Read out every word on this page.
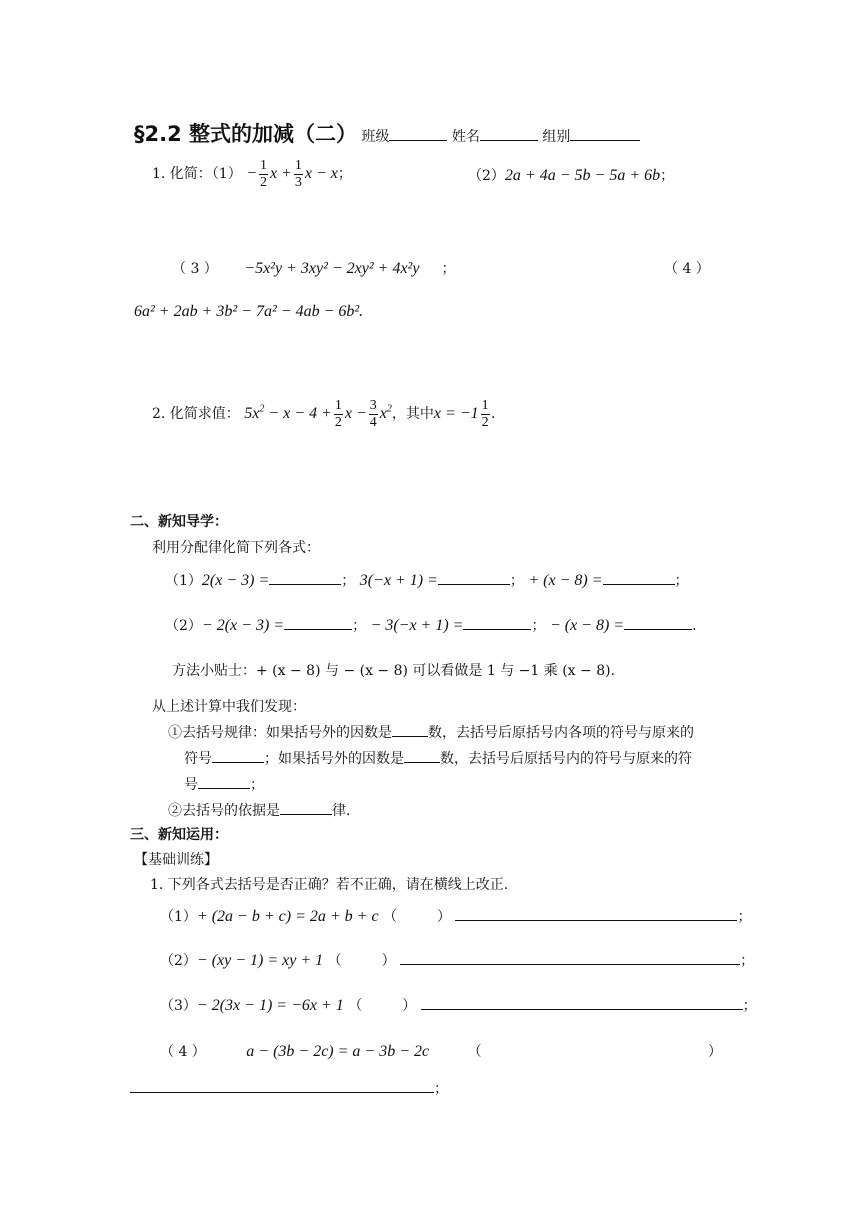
§2.2 整式的加减（二） 班级	姓名	组别
1. 化简：$(1) - \frac{1}{2}$ $x + \frac{1}{3}$ x − x；	（2）2a + 4a − 5b − 5a + 6b；
（ 3 ） −5x²y + 3xy² − 2xy² + 4x²y ；	（ 4 ）
6a² + 2ab + 3b² − 7a² − 4ab − 6b².
2. 化简求值： $5x^2 - x - 4 + \frac{1}{2}$ $x - \frac{3}{4} x^2$，其中$x = -1 \frac{1}{2}$ .
二、新知导学：
利用分配律化简下列各式：
（1）2(x − 3) =	； 3(−x + 1) =	； + (x − 8) =	；
（2）− 2(x − 3) =	； − 3(−x + 1) =	； − (x − 8) =	.
方法小贴士：+ (x − 8) 与 − (x − 8) 可以看做是 1 与 −1 乘 (x − 8).
从上述计算中我们发现：
①去括号规律：如果括号外的因数是	数，去括号后原括号内各项的符号与原来的
符号	；如果括号外的因数是	数，去括号后原括号内的符号与原来的符
号	；
②去括号的依据是	律.
三、新知运用：
【基础训练】
1. 下列各式去括号是否正确？若不正确，请在横线上改正.
（1）+ (2a − b + c) = 2a + b + c （	）	；
（2）− (xy − 1) = xy + 1 （	）	；
（3）− 2(3x − 1) = −6x + 1 （	）	；
（ 4 ）	a − (3b − 2c) = a − 3b − 2c	（	）
；
